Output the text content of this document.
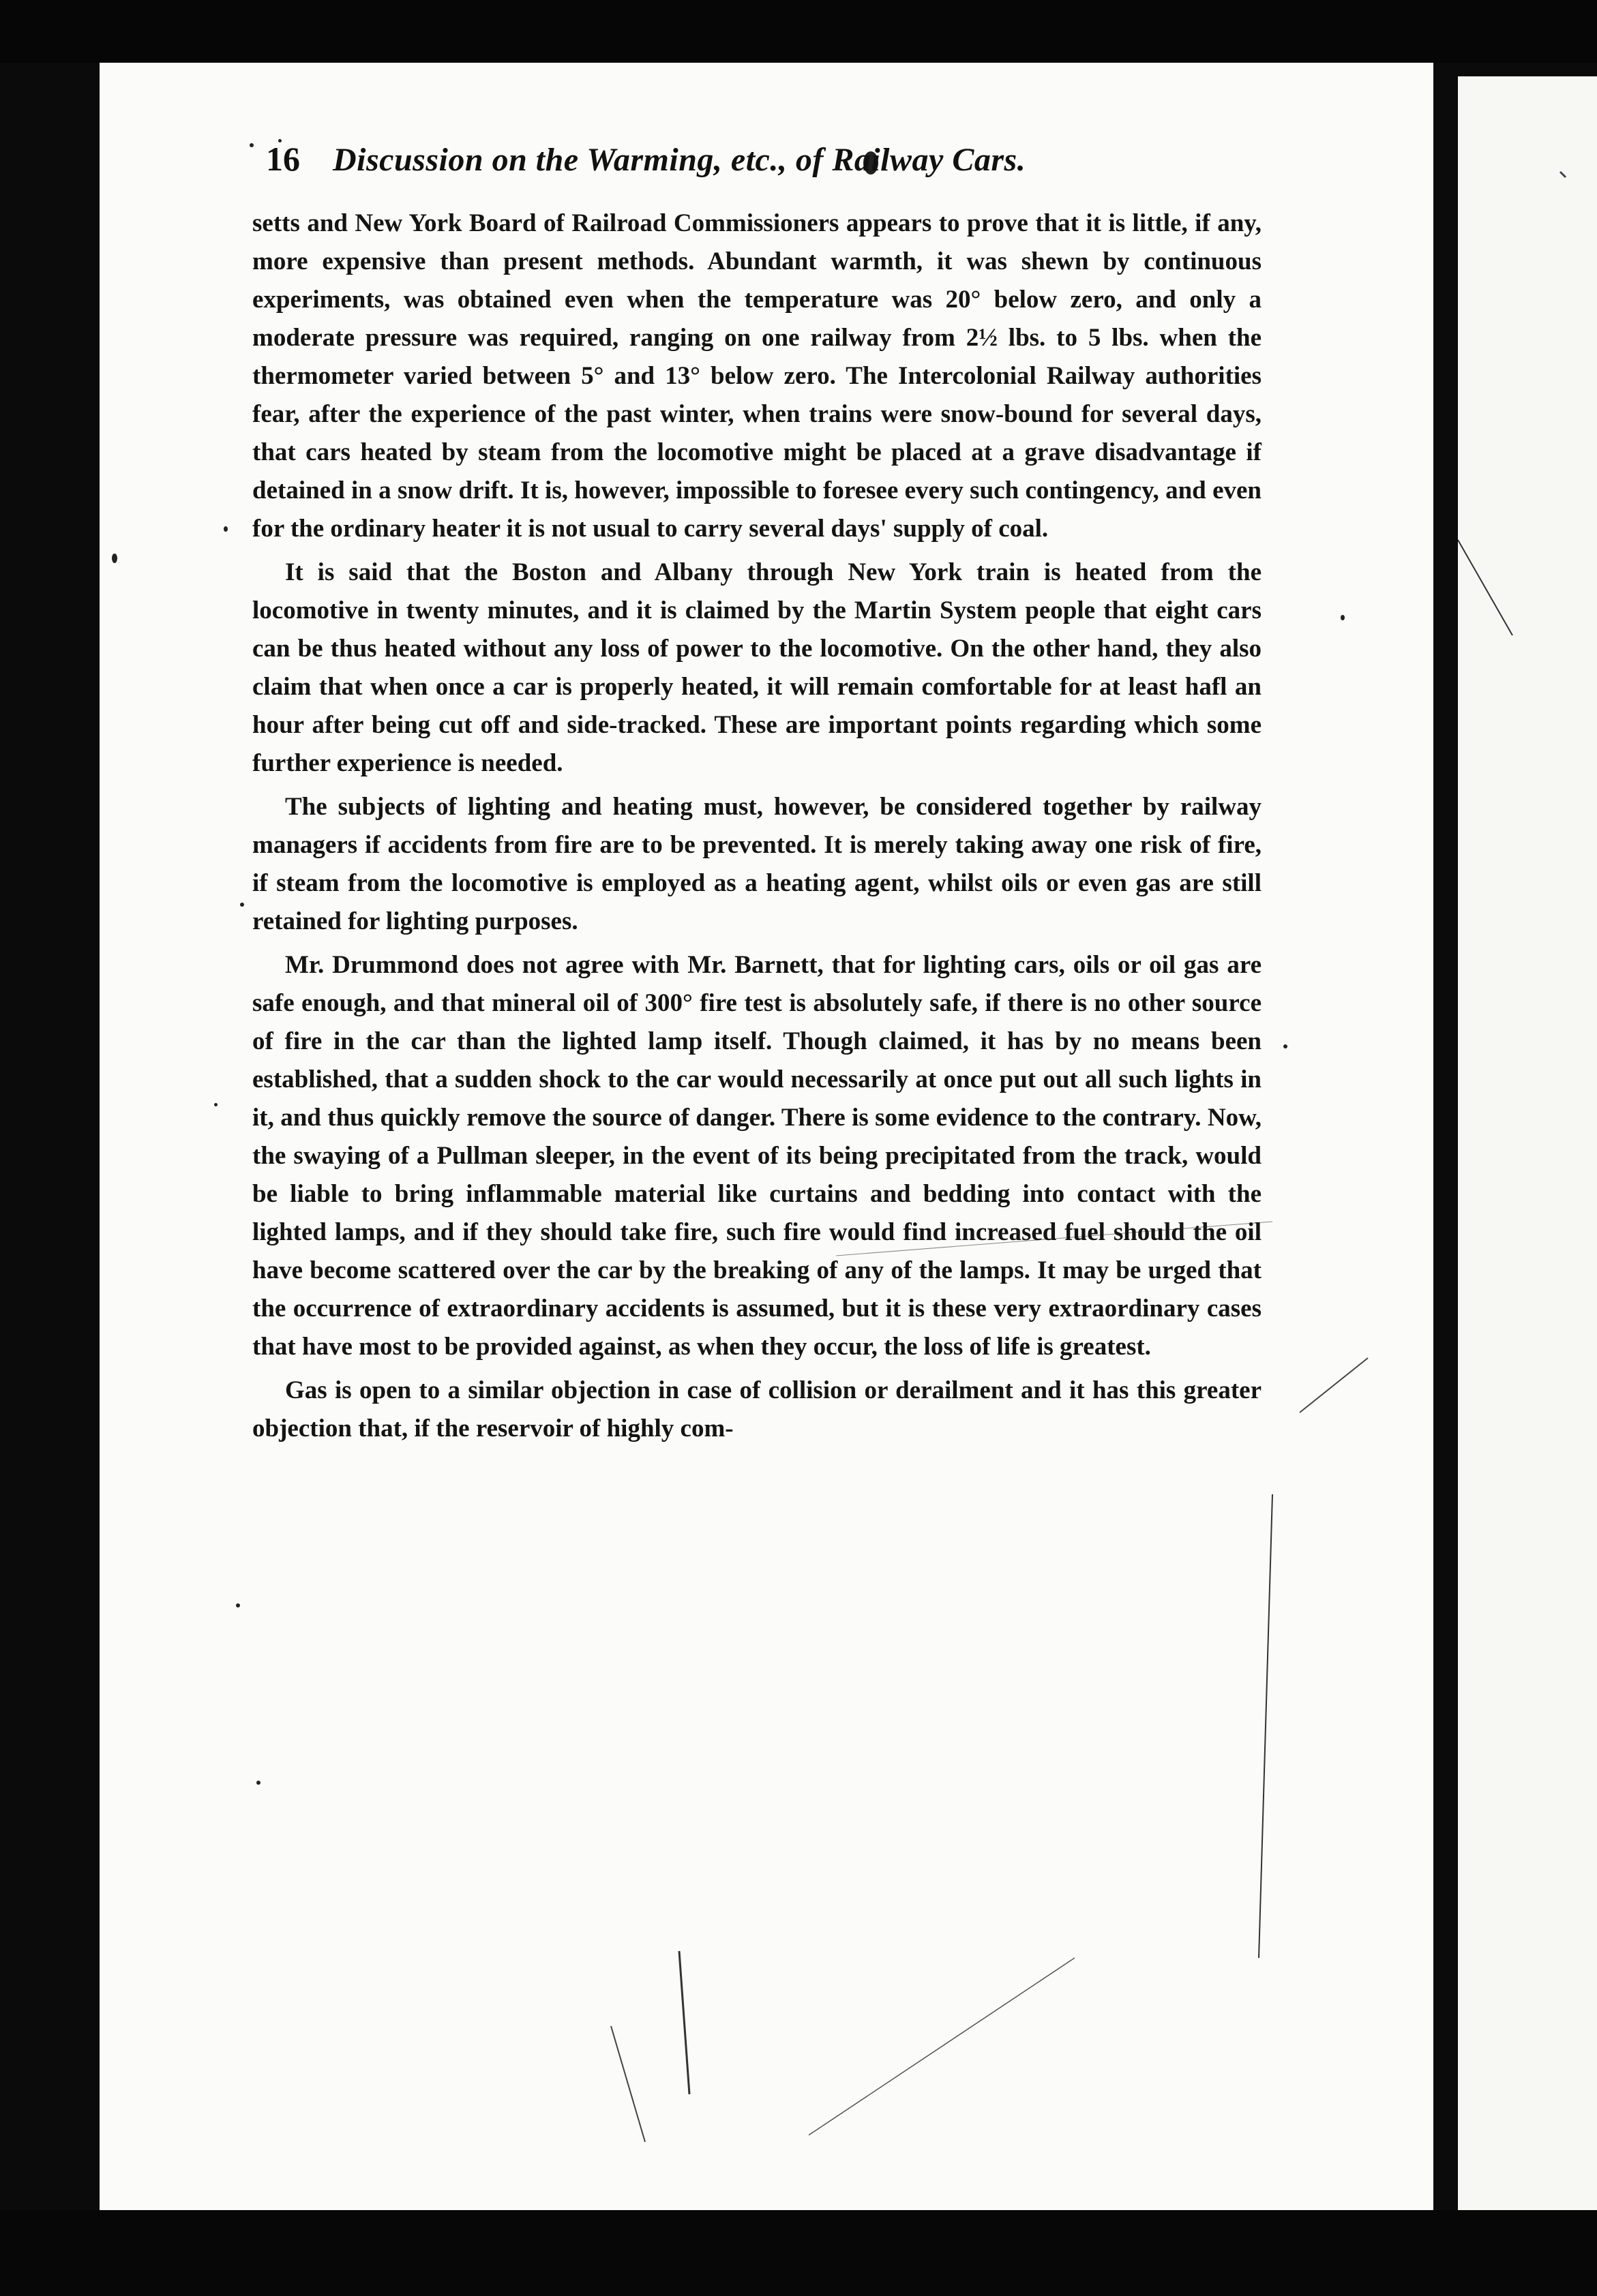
16 Discussion on the Warming, etc., of Railway Cars.

setts and New York Board of Railroad Commissioners appears to prove that it is little, if any, more expensive than present methods. Abundant warmth, it was shewn by continuous experiments, was obtained even when the temperature was 20° below zero, and only a moderate pressure was required, ranging on one railway from 2½ lbs. to 5 lbs. when the thermometer varied between 5° and 13° below zero. The Intercolonial Railway authorities fear, after the experience of the past winter, when trains were snow-bound for several days, that cars heated by steam from the locomotive might be placed at a grave disadvantage if detained in a snow drift. It is, however, impossible to foresee every such contingency, and even for the ordinary heater it is not usual to carry several days' supply of coal.

It is said that the Boston and Albany through New York train is heated from the locomotive in twenty minutes, and it is claimed by the Martin System people that eight cars can be thus heated without any loss of power to the locomotive. On the other hand, they also claim that when once a car is properly heated, it will remain comfortable for at least hafl an hour after being cut off and side-tracked. These are important points regarding which some further experience is needed.

The subjects of lighting and heating must, however, be considered together by railway managers if accidents from fire are to be prevented. It is merely taking away one risk of fire, if steam from the locomotive is employed as a heating agent, whilst oils or even gas are still retained for lighting purposes.

Mr. Drummond does not agree with Mr. Barnett, that for lighting cars, oils or oil gas are safe enough, and that mineral oil of 300° fire test is absolutely safe, if there is no other source of fire in the car than the lighted lamp itself. Though claimed, it has by no means been established, that a sudden shock to the car would necessarily at once put out all such lights in it, and thus quickly remove the source of danger. There is some evidence to the contrary. Now, the swaying of a Pullman sleeper, in the event of its being precipitated from the track, would be liable to bring inflammable material like curtains and bedding into contact with the lighted lamps, and if they should take fire, such fire would find increased fuel should the oil have become scattered over the car by the breaking of any of the lamps. It may be urged that the occurrence of extraordinary accidents is assumed, but it is these very extraordinary cases that have most to be provided against, as when they occur, the loss of life is greatest.

Gas is open to a similar objection in case of collision or derailment and it has this greater objection that, if the reservoir of highly com-
